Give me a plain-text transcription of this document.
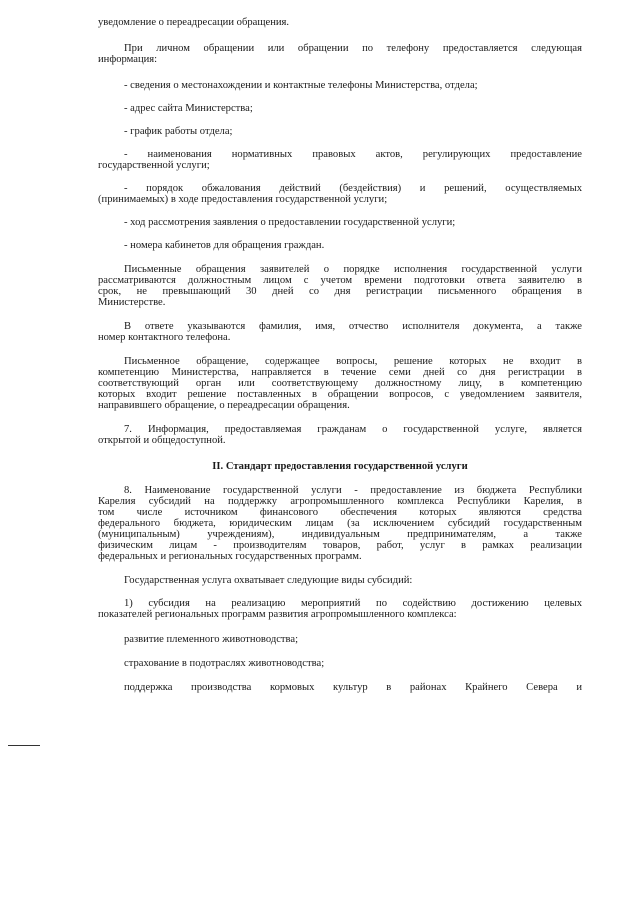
уведомление о переадресации обращения.

При личном обращении или обращении по телефону предоставляется следующая

информация:

- сведения о местонахождении и контактные телефоны Министерства, отдела;

- адрес сайта Министерства;

- график работы отдела;

- наименования нормативных правовых актов, регулирующих предоставление

государственной услуги;

- порядок обжалования действий (бездействия) и решений, осуществляемых

(принимаемых) в ходе предоставления государственной услуги;

- ход рассмотрения заявления о предоставлении государственной услуги;

- номера кабинетов для обращения граждан.

Письменные обращения заявителей о порядке исполнения государственной услуги

рассматриваются должностным лицом с учетом времени подготовки ответа заявителю в

срок, не превышающий 30 дней со дня регистрации письменного обращения в

Министерстве.

В ответе указываются фамилия, имя, отчество исполнителя документа, а также

номер контактного телефона.

Письменное обращение, содержащее вопросы, решение которых не входит в

компетенцию Министерства, направляется в течение семи дней со дня регистрации в

соответствующий орган или соответствующему должностному лицу, в компетенцию

которых входит решение поставленных в обращении вопросов, с уведомлением заявителя,

направившего обращение, о переадресации обращения.

7. Информация, предоставляемая гражданам о государственной услуге, является

открытой и общедоступной.

II. Стандарт предоставления государственной услуги

8. Наименование государственной услуги - предоставление из бюджета Республики

Карелия субсидий на поддержку агропромышленного комплекса Республики Карелия, в

том числе источником финансового обеспечения которых являются средства

федерального бюджета, юридическим лицам (за исключением субсидий государственным

(муниципальным) учреждениям), индивидуальным предпринимателям, а также

физическим лицам - производителям товаров, работ, услуг в рамках реализации

федеральных и региональных государственных программ.

Государственная услуга охватывает следующие виды субсидий:

1) субсидия на реализацию мероприятий по содействию достижению целевых

показателей региональных программ развития агропромышленного комплекса:

развитие племенного животноводства;

страхование в подотраслях животноводства;

поддержка производства кормовых культур в районах Крайнего Севера и
